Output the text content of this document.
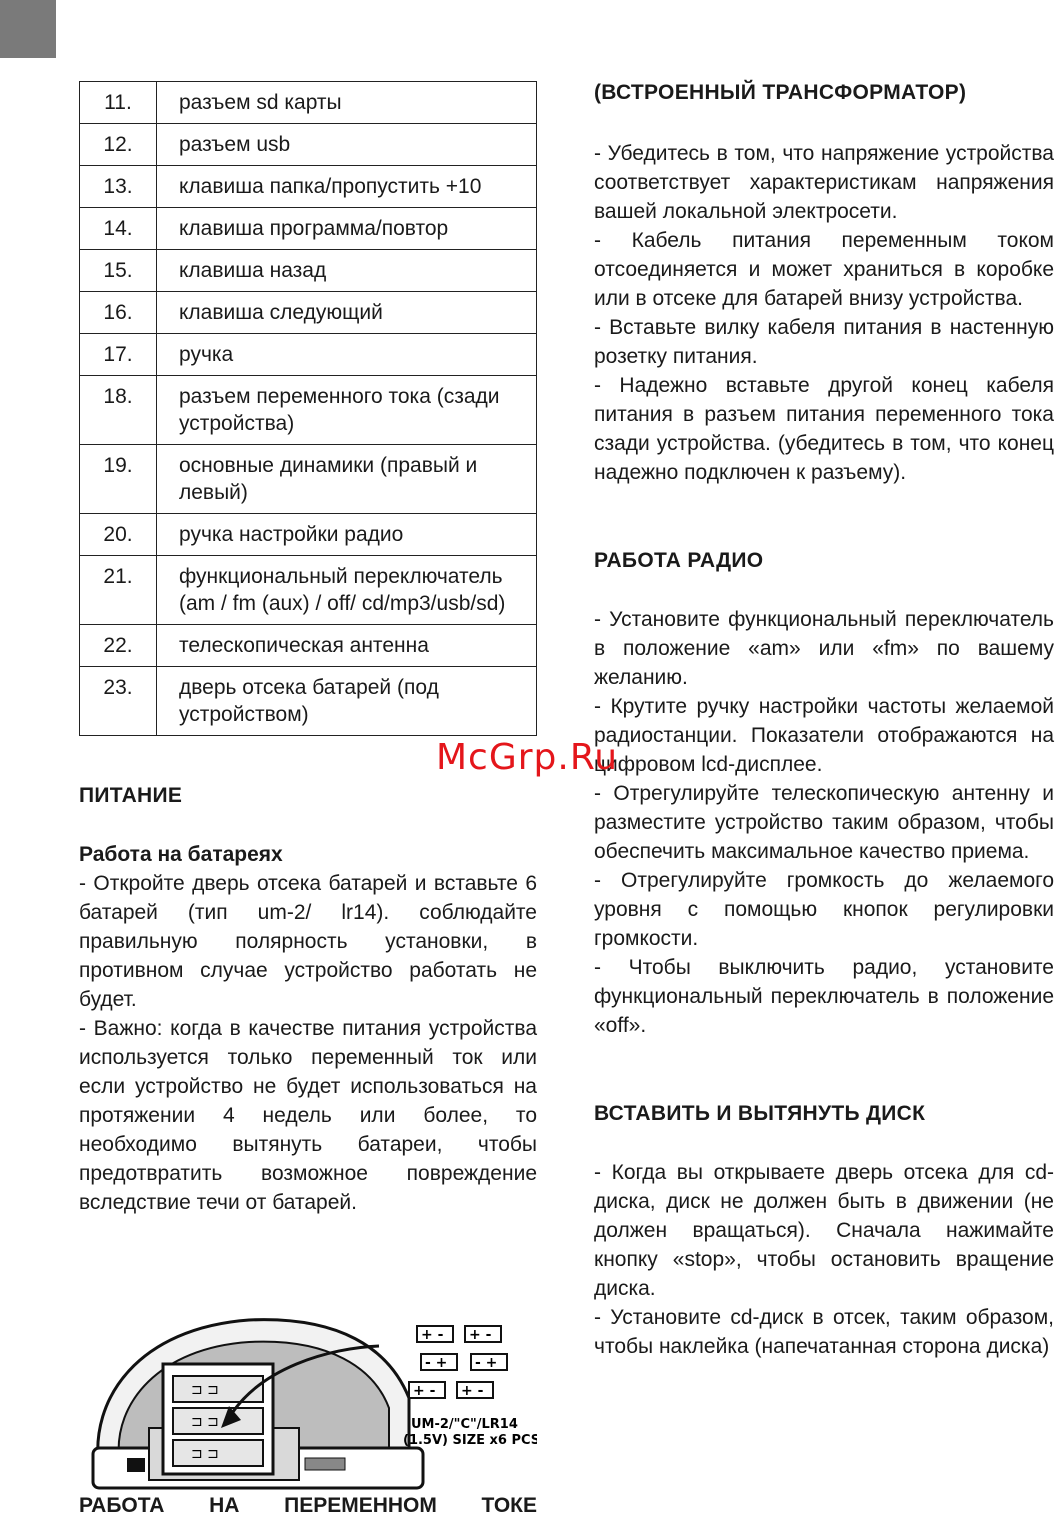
11.	разъем sd карты
12.	разъем usb
13.	клавиша папка/пропустить +10
14.	клавиша программа/повтор
15.	клавиша назад
16.	клавиша следующий
17.	ручка
18.	разъем переменного тока (сзади устройства)
19.	основные динамики (правый и левый)
20.	ручка настройки радио
21.	функциональный переключатель (am / fm (aux) / off/ cd/mp3/usb/sd)
22.	телескопическая антенна
23.	дверь отсека батарей (под устройством)
ПИТАНИЕ

Работа на батареях

- Откройте дверь отсека батарей и вставьте 6 батарей (тип um-2/ lr14). соблюдайте правильную полярность установки, в противном случае устройство работать не будет.

- Важно: когда в качестве питания устройства используется только переменный ток или если устройство не будет использоваться на протяжении 4 недель или более, то необходимо вытянуть батареи, чтобы предотвратить возможное повреждение вследствие течи от батарей.

⊐ ⊐
⊐ ⊐
⊐ ⊐
+ - + -
- + - +
+ - + -
UM-2/"C"/LR14
(1.5V) SIZE x6 PCS
РАБОТА НА ПЕРЕМЕННОМ ТОКЕ
(ВСТРОЕННЫЙ ТРАНСФОРМАТОР)

- Убедитесь в том, что напряжение устройства соответствует характеристикам напряжения вашей локальной электросети.

- Кабель питания переменным током отсоединяется и может храниться в коробке или в отсеке для батарей внизу устройства.

- Вставьте вилку кабеля питания в настенную розетку питания.

- Надежно вставьте другой конец кабеля питания в разъем питания переменного тока сзади устройства. (убедитесь в том, что конец надежно подключен к разъему).

РАБОТА РАДИО

- Установите функциональный переключатель в положение «am» или «fm» по вашему желанию.

- Крутите ручку настройки частоты желаемой радиостанции. Показатели отображаются на цифровом lcd-дисплее.

- Отрегулируйте телескопическую антенну и разместите устройство таким образом, чтобы обеспечить максимальное качество приема.

- Отрегулируйте громкость до желаемого уровня с помощью кнопок регулировки громкости.

- Чтобы выключить радио, установите функциональный переключатель в положение «off».

ВСТАВИТЬ И ВЫТЯНУТЬ ДИСК

- Когда вы открываете дверь отсека для cd-диска, диск не должен быть в движении (не должен вращаться). Сначала нажимайте кнопку «stop», чтобы остановить вращение диска.

- Установите cd-диск в отсек, таким образом, чтобы наклейка (напечатанная сторона диска)

McGrp.Ru
